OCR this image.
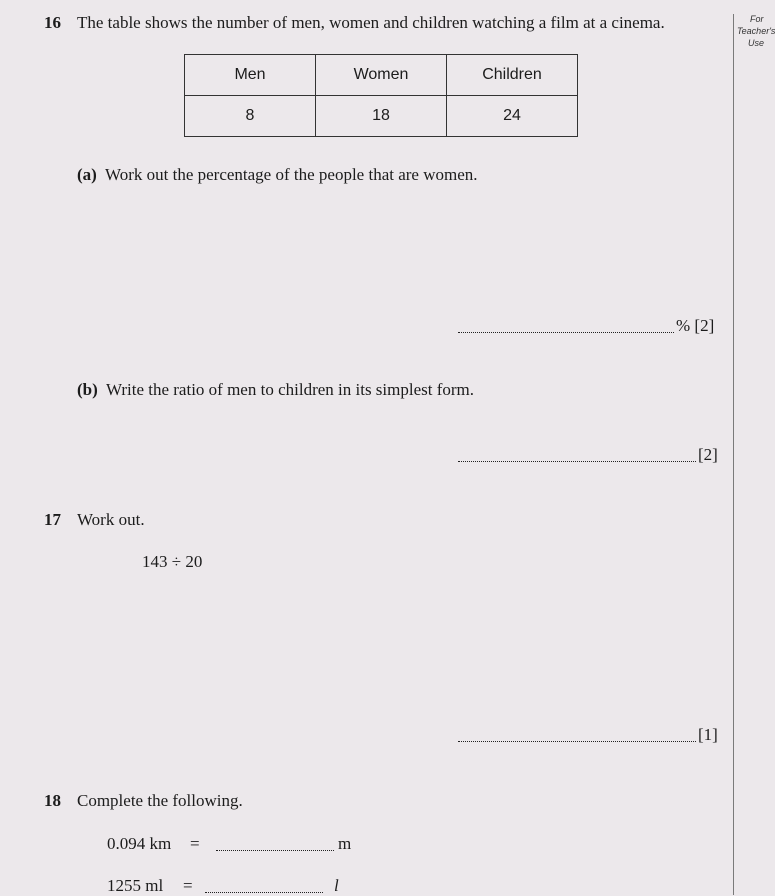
For
Teacher's
Use
16 The table shows the number of men, women and children watching a film at a cinema.
Men	Women	Children
8	18	24
(a) Work out the percentage of the people that are women.
% [2]
(b) Write the ratio of men to children in its simplest form.
[2]
17 Work out.
143 ÷ 20
[1]
18 Complete the following.
0.094 km =	m
1255 ml =	l
